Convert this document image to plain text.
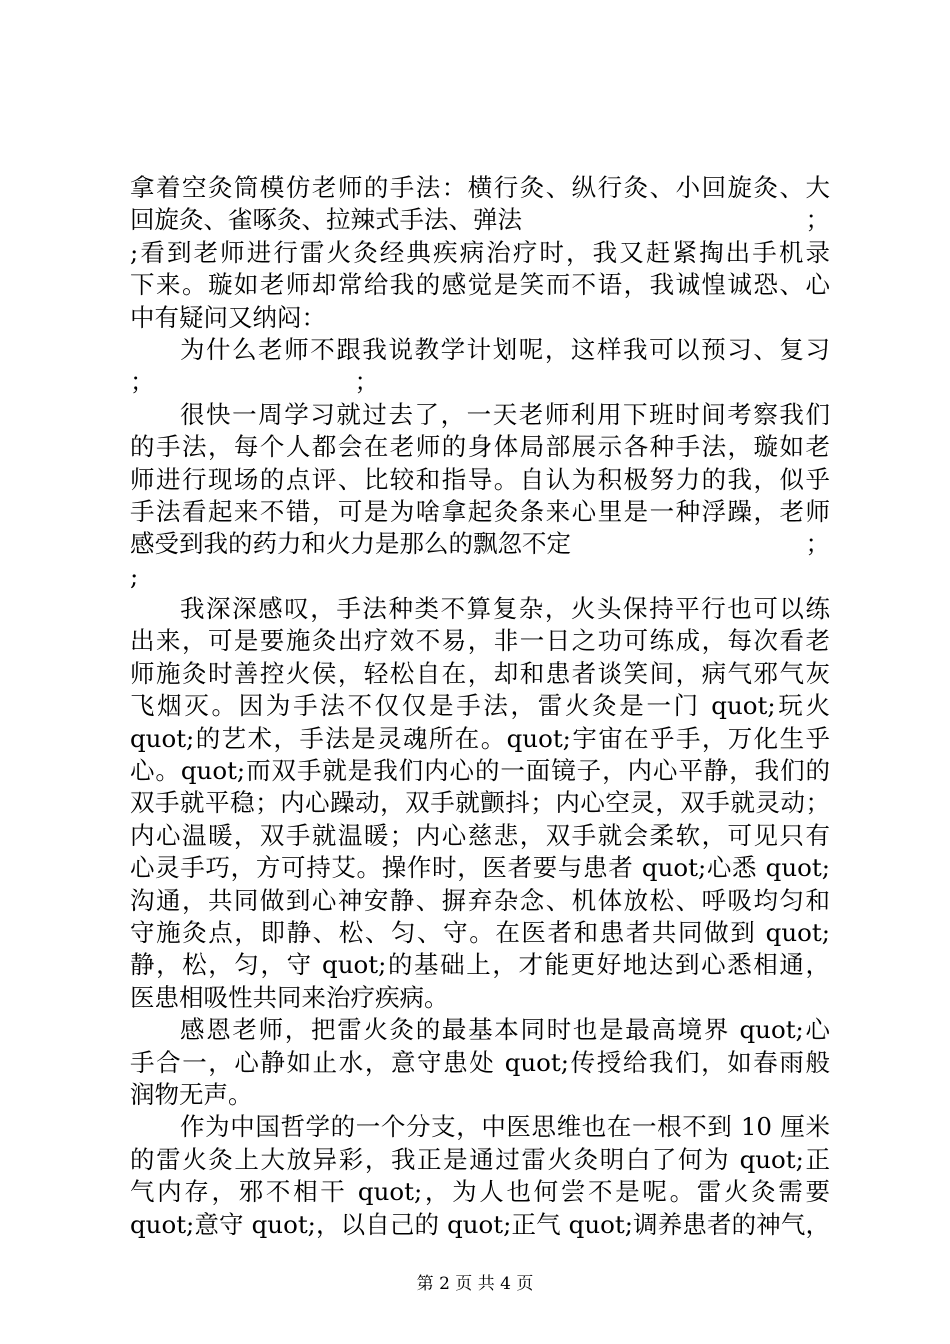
拿着空灸筒模仿老师的手法：横行灸、纵行灸、小回旋灸、大
回旋灸、雀啄灸、拉辣式手法、弹法	；
;看到老师进行雷火灸经典疾病治疗时，我又赶紧掏出手机录
下来。璇如老师却常给我的感觉是笑而不语，我诚惶诚恐、心
中有疑问又纳闷：
为什么老师不跟我说教学计划呢，这样我可以预习、复习
；	；
很快一周学习就过去了，一天老师利用下班时间考察我们
的手法，每个人都会在老师的身体局部展示各种手法，璇如老
师进行现场的点评、比较和指导。自认为积极努力的我，似乎
手法看起来不错，可是为啥拿起灸条来心里是一种浮躁，老师
感受到我的药力和火力是那么的飘忽不定	；
;
我深深感叹，手法种类不算复杂，火头保持平行也可以练
出来，可是要施灸出疗效不易，非一日之功可练成，每次看老
师施灸时善控火侯，轻松自在，却和患者谈笑间，病气邪气灰
飞烟灭。因为手法不仅仅是手法，雷火灸是一门 quot;玩火
quot;的艺术，手法是灵魂所在。quot;宇宙在乎手，万化生乎
心。quot;而双手就是我们内心的一面镜子，内心平静，我们的
双手就平稳；内心躁动，双手就颤抖；内心空灵，双手就灵动；
内心温暖，双手就温暖；内心慈悲，双手就会柔软，可见只有
心灵手巧，方可持艾。操作时，医者要与患者 quot;心悉 quot;
沟通，共同做到心神安静、摒弃杂念、机体放松、呼吸均匀和
守施灸点，即静、松、匀、守。在医者和患者共同做到 quot;
静，松，匀，守 quot;的基础上，才能更好地达到心悉相通，
医患相吸性共同来治疗疾病。
感恩老师，把雷火灸的最基本同时也是最高境界 quot;心
手合一，心静如止水，意守患处 quot;传授给我们，如春雨般
润物无声。
作为中国哲学的一个分支，中医思维也在一根不到 10 厘米
的雷火灸上大放异彩，我正是通过雷火灸明白了何为 quot;正
气内存，邪不相干 quot;，为人也何尝不是呢。雷火灸需要
quot;意守 quot;，以自己的 quot;正气 quot;调养患者的神气，
第 2 页 共 4 页
